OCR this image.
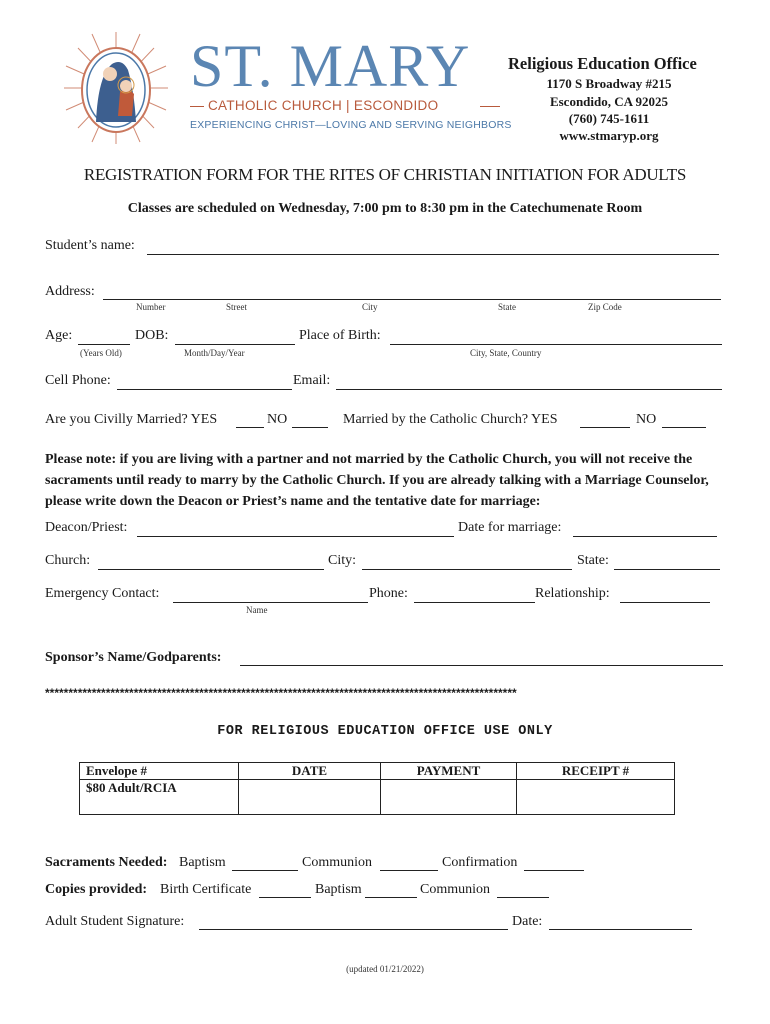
ST. MARY
CATHOLIC CHURCH | ESCONDIDO
EXPERIENCING CHRIST—LOVING AND SERVING NEIGHBORS
Religious Education Office
1170 S Broadway #215
Escondido, CA 92025
(760) 745-1611
www.stmaryp.org
REGISTRATION FORM FOR THE RITES OF CHRISTIAN INITIATION FOR ADULTS
Classes are scheduled on Wednesday, 7:00 pm to 8:30 pm in the Catechumenate Room
Student’s name:
Address:
Number	Street	City	State	Zip Code
Age:
(Years Old)
DOB:
Month/Day/Year
Place of Birth:
City, State, Country
Cell Phone:	Email:
Are you Civilly Married? YES	NO	Married by the Catholic Church? YES	NO
Please note: if you are living with a partner and not married by the Catholic Church, you will not receive the sacraments until ready to marry by the Catholic Church. If you are already talking with a Marriage Counselor, please write down the Deacon or Priest’s name and the tentative date for marriage:
Deacon/Priest:	Date for marriage:
Church:	City:	State:
Emergency Contact:
Name
Phone:	Relationship:
Sponsor’s Name/Godparents:
*****************************************************************************************************
FOR RELIGIOUS EDUCATION OFFICE USE ONLY
Envelope #	DATE	PAYMENT	RECEIPT #
$80 Adult/RCIA			
Sacraments Needed: Baptism	Communion	Confirmation
Copies provided: Birth Certificate	Baptism	Communion
Adult Student Signature:	Date:
(updated 01/21/2022)
